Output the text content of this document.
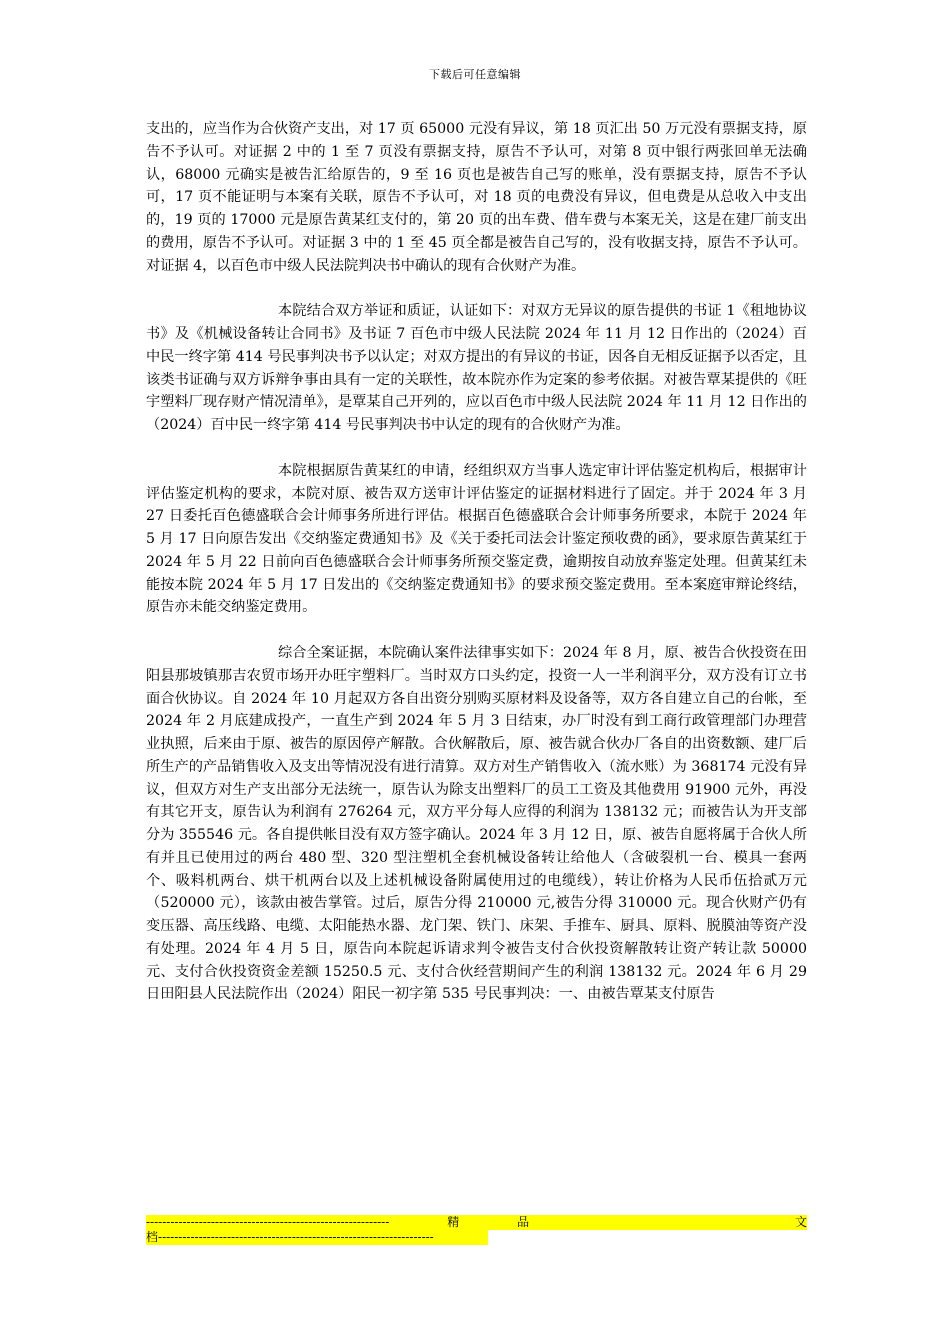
下载后可任意编辑

支出的，应当作为合伙资产支出，对 17 页 65000 元没有异议，第 18 页汇出 50 万元没有票据支持，原告不予认可。对证据 2 中的 1 至 7 页没有票据支持，原告不予认可，对第 8 页中银行两张回单无法确认，68000 元确实是被告汇给原告的，9 至 16 页也是被告自己写的账单，没有票据支持，原告不予认可，17 页不能证明与本案有关联，原告不予认可，对 18 页的电费没有异议，但电费是从总收入中支出的，19 页的 17000 元是原告黄某红支付的，第 20 页的出车费、借车费与本案无关，这是在建厂前支出的费用，原告不予认可。对证据 3 中的 1 至 45 页全都是被告自己写的，没有收据支持，原告不予认可。对证据 4，以百色市中级人民法院判决书中确认的现有合伙财产为准。

本院结合双方举证和质证，认证如下：对双方无异议的原告提供的书证 1《租地协议书》及《机械设备转让合同书》及书证 7 百色市中级人民法院 2024 年 11 月 12 日作出的（2024）百中民一终字第 414 号民事判决书予以认定；对双方提出的有异议的书证，因各自无相反证据予以否定，且该类书证确与双方诉辩争事由具有一定的关联性，故本院亦作为定案的参考依据。对被告覃某提供的《旺宇塑料厂现存财产情况清单》，是覃某自己开列的，应以百色市中级人民法院 2024 年 11 月 12 日作出的（2024）百中民一终字第 414 号民事判决书中认定的现有的合伙财产为准。

本院根据原告黄某红的申请，经组织双方当事人选定审计评估鉴定机构后，根据审计评估鉴定机构的要求，本院对原、被告双方送审计评估鉴定的证据材料进行了固定。并于 2024 年 3 月 27 日委托百色德盛联合会计师事务所进行评估。根据百色德盛联合会计师事务所要求，本院于 2024 年 5 月 17 日向原告发出《交纳鉴定费通知书》及《关于委托司法会计鉴定预收费的函》，要求原告黄某红于 2024 年 5 月 22 日前向百色德盛联合会计师事务所预交鉴定费，逾期按自动放弃鉴定处理。但黄某红未能按本院 2024 年 5 月 17 日发出的《交纳鉴定费通知书》的要求预交鉴定费用。至本案庭审辩论终结，原告亦未能交纳鉴定费用。

综合全案证据，本院确认案件法律事实如下：2024 年 8 月，原、被告合伙投资在田阳县那坡镇那吉农贸市场开办旺宇塑料厂。当时双方口头约定，投资一人一半利润平分，双方没有订立书面合伙协议。自 2024 年 10 月起双方各自出资分别购买原材料及设备等，双方各自建立自己的台帐，至 2024 年 2 月底建成投产，一直生产到 2024 年 5 月 3 日结束，办厂时没有到工商行政管理部门办理营业执照，后来由于原、被告的原因停产解散。合伙解散后，原、被告就合伙办厂各自的出资数额、建厂后所生产的产品销售收入及支出等情况没有进行清算。双方对生产销售收入（流水账）为 368174 元没有异议，但双方对生产支出部分无法统一，原告认为除支出塑料厂的员工工资及其他费用 91900 元外，再没有其它开支，原告认为利润有 276264 元，双方平分每人应得的利润为 138132 元；而被告认为开支部分为 355546 元。各自提供帐目没有双方签字确认。2024 年 3 月 12 日，原、被告自愿将属于合伙人所有并且已使用过的两台 480 型、320 型注塑机全套机械设备转让给他人（含破裂机一台、模具一套两个、吸料机两台、烘干机两台以及上述机械设备附属使用过的电缆线），转让价格为人民币伍拾贰万元（520000 元），该款由被告掌管。过后，原告分得 210000 元,被告分得 310000 元。现合伙财产仍有变压器、高压线路、电缆、太阳能热水器、龙门架、铁门、床架、手推车、厨具、原料、脱膜油等资产没有处理。2024 年 4 月 5 日，原告向本院起诉请求判令被告支付合伙投资解散转让资产转让款 50000 元、支付合伙投资资金差额 15250.5 元、支付合伙经营期间产生的利润 138132 元。2024 年 6 月 29 日田阳县人民法院作出（2024）阳民一初字第 535 号民事判决：一、由被告覃某支付原告

------------------------------------------------------------	精	品	文
档--------------------------------------------------------------------
